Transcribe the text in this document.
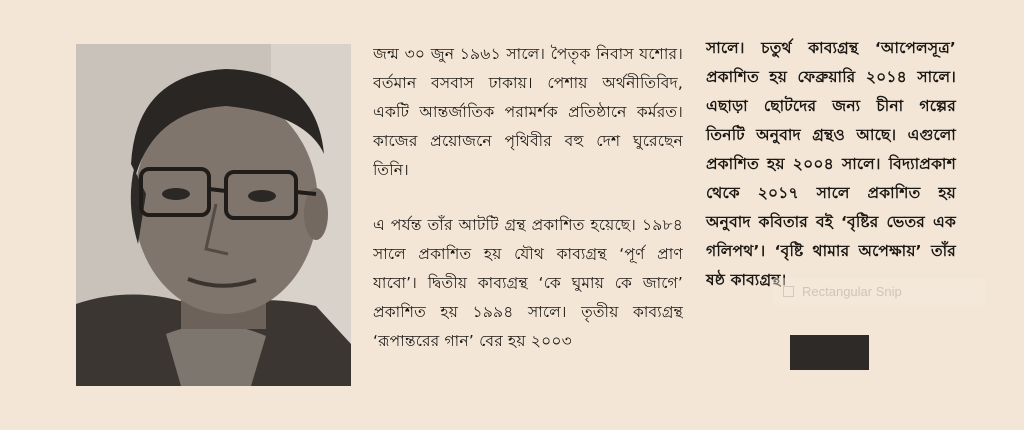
জন্ম ৩০ জুন ১৯৬১ সালে। পৈতৃক নিবাস যশোর। বর্তমান বসবাস ঢাকায়। পেশায় অর্থনীতিবিদ, একটি আন্তর্জাতিক পরামর্শক প্রতিষ্ঠানে কর্মরত। কাজের প্রয়োজনে পৃথিবীর বহু দেশ ঘুরেছেন তিনি।

এ পর্যন্ত তাঁর আটটি গ্রন্থ প্রকাশিত হয়েছে। ১৯৮৪ সালে প্রকাশিত হয় যৌথ কাব্যগ্রন্থ ‘পূর্ণ প্রাণ যাবো’। দ্বিতীয় কাব্যগ্রন্থ ‘কে ঘুমায় কে জাগে’ প্রকাশিত হয় ১৯৯৪ সালে। তৃতীয় কাব্যগ্রন্থ ‘রূপান্তরের গান’ বের হয় ২০০৩

সালে। চতুর্থ কাব্যগ্রন্থ ‘আপেলসূত্র’ প্রকাশিত হয় ফেব্রুয়ারি ২০১৪ সালে। এছাড়া ছোটদের জন্য চীনা গল্পের তিনটি অনুবাদ গ্রন্থও আছে। এগুলো প্রকাশিত হয় ২০০৪ সালে। বিদ্যাপ্রকাশ থেকে ২০১৭ সালে প্রকাশিত হয় অনুবাদ কবিতার বই ‘বৃষ্টির ভেতর এক গলিপথ’। ‘বৃষ্টি থামার অপেক্ষায়’ তাঁর ষষ্ঠ কাব্যগ্রন্থ।

Rectangular Snip
